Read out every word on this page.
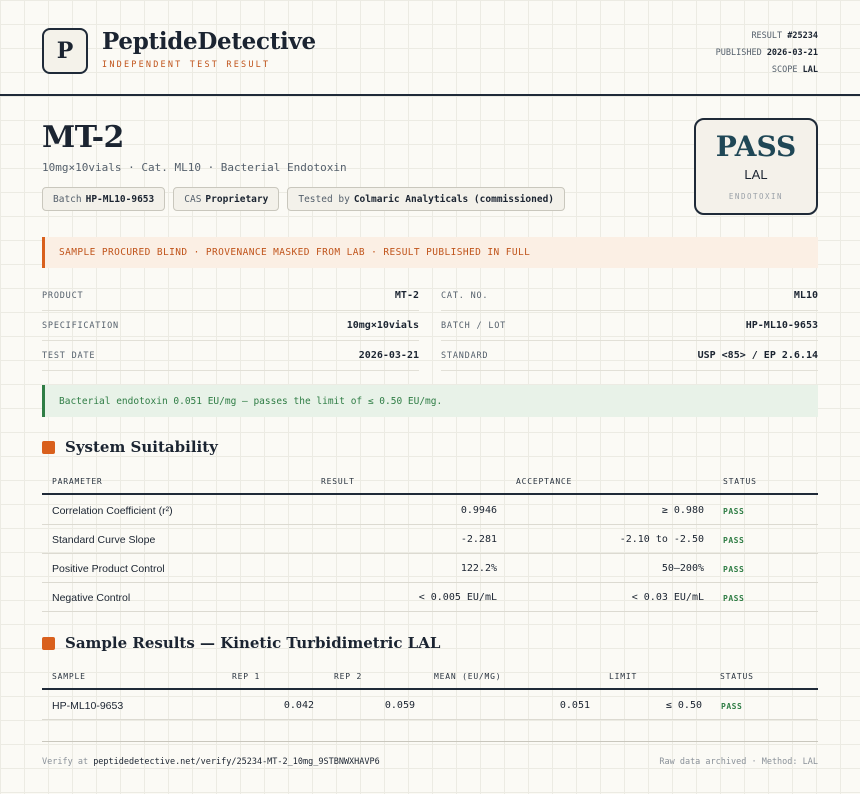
P	PeptideDetective
INDEPENDENT TEST RESULT
RESULT #25234
PUBLISHED 2026-03-21
SCOPE LAL
MT-2
10mg×10vials · Cat. ML10 · Bacterial Endotoxin
Batch HP-ML10-9653	CAS Proprietary	Tested by Colmaric Analyticals (commissioned)
PASS
LAL
ENDOTOXIN
SAMPLE PROCURED BLIND · PROVENANCE MASKED FROM LAB · RESULT PUBLISHED IN FULL
PRODUCT	MT-2
SPECIFICATION	10mg×10vials
TEST DATE	2026-03-21
CAT. NO.	ML10
BATCH / LOT	HP-ML10-9653
STANDARD	USP <85> / EP 2.6.14
Bacterial endotoxin 0.051 EU/mg — passes the limit of ≤ 0.50 EU/mg.
System Suitability
PARAMETER	RESULT	ACCEPTANCE	STATUS
Correlation Coefficient (r²)	0.9946	≥ 0.980 PASS
Standard Curve Slope	-2.281	-2.10 to -2.50 PASS
Positive Product Control	122.2%	50–200% PASS
Negative Control	< 0.005 EU/mL	< 0.03 EU/mL PASS
Sample Results — Kinetic Turbidimetric LAL
SAMPLE	REP 1	REP 2	MEAN (EU/MG)	LIMIT	STATUS
HP-ML10-9653	0.042	0.059	0.051	≤ 0.50 PASS
Verify at peptidedetective.net/verify/25234-MT-2_10mg_9STBNWXHAVP6	Raw data archived · Method: LAL
